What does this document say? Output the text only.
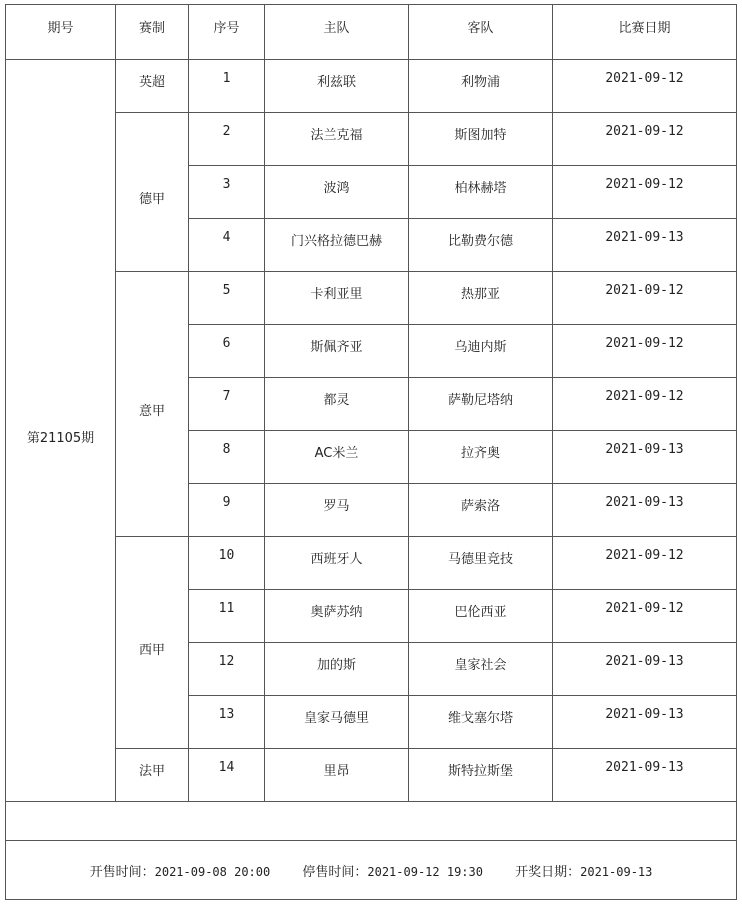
期号	赛制	序号	主队	客队	比赛日期
第21105期	英超	1	利兹联	利物浦	2021-09-12
	德甲	2	法兰克福	斯图加特	2021-09-12
		3	波鸿	柏林赫塔	2021-09-12
		4	门兴格拉德巴赫	比勒费尔德	2021-09-13
	意甲	5	卡利亚里	热那亚	2021-09-12
		6	斯佩齐亚	乌迪内斯	2021-09-12
		7	都灵	萨勒尼塔纳	2021-09-12
		8	AC米兰	拉齐奥	2021-09-13
		9	罗马	萨索洛	2021-09-13
	西甲	10	西班牙人	马德里竞技	2021-09-12
		11	奥萨苏纳	巴伦西亚	2021-09-12
		12	加的斯	皇家社会	2021-09-13
		13	皇家马德里	维戈塞尔塔	2021-09-13
	法甲	14	里昂	斯特拉斯堡	2021-09-13

开售时间：2021-09-08 20:00 停售时间：2021-09-12 19:30 开奖日期：2021-09-13					
